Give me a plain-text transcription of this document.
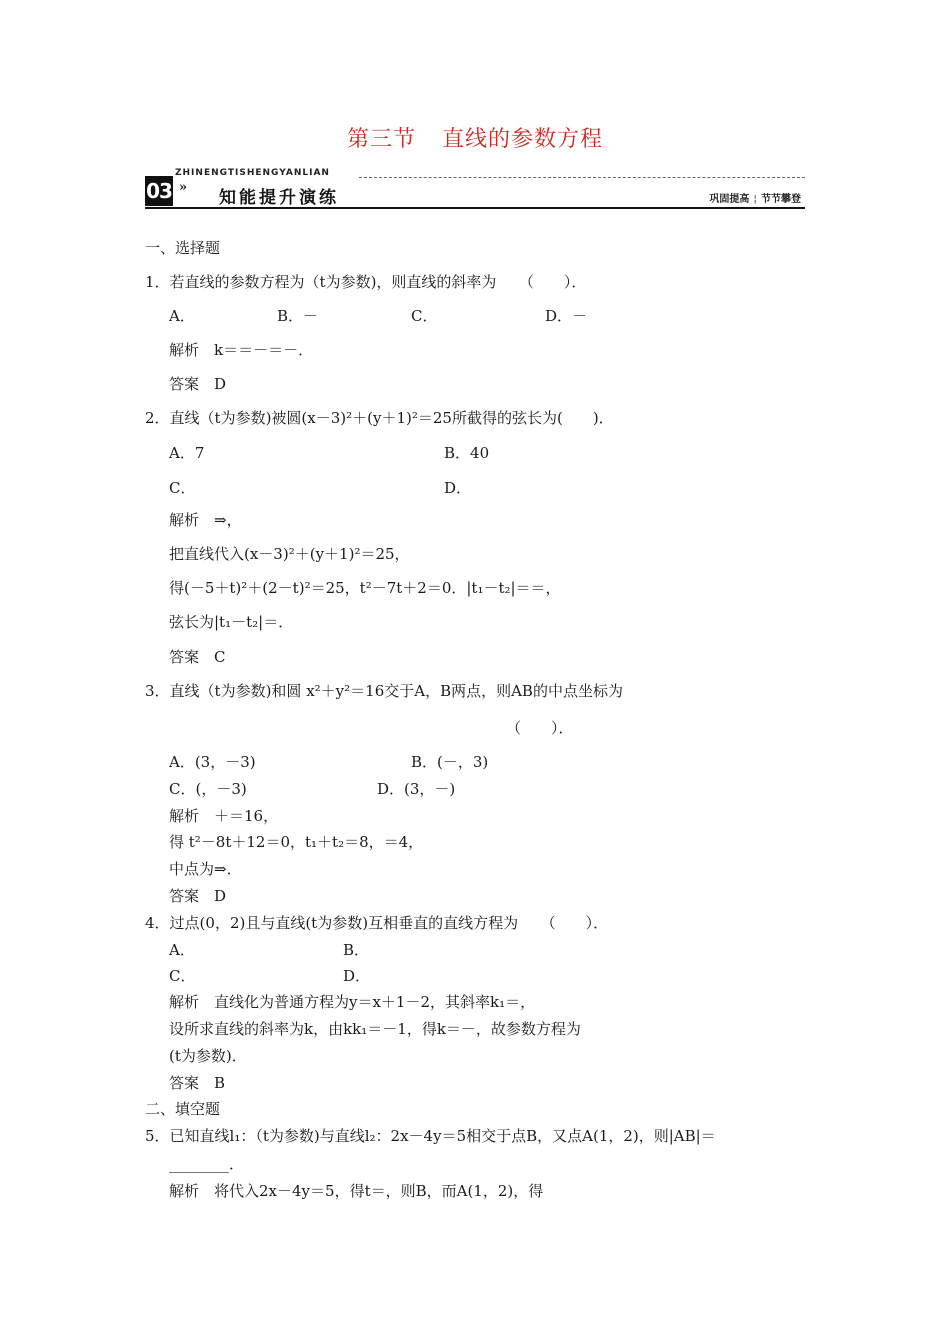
第三节 直线的参数方程
ZHINENGTISHENGYANLIAN
03 »
知能提升演练	巩固提高 ¦ 节节攀登
一、选择题
1．若直线的参数方程为（t为参数)，则直线的斜率为　　（　　）．
A．	B．－	C．	D．－
解析　k＝＝－＝－．
答案　D
2．直线（t为参数)被圆(x－3)²＋(y＋1)²＝25所截得的弦长为(　　)．
A．7	B．40
C．	D．
解析　⇒，
把直线代入(x－3)²＋(y＋1)²＝25，
得(－5＋t)²＋(2－t)²＝25，t²－7t＋2＝0．|t₁－t₂|＝＝，
弦长为|t₁－t₂|＝．
答案　C
3．直线（t为参数)和圆 x²＋y²＝16交于A，B两点，则AB的中点坐标为
（　　）．
A．(3，－3)	B．(－，3)
C．(，－3)	D．(3，－)
解析　＋＝16，
得 t²－8t＋12＝0，t₁＋t₂＝8，＝4，
中点为⇒．
答案　D
4．过点(0，2)且与直线(t为参数)互相垂直的直线方程为　　（　　）．
A．	B．
C．	D．
解析　直线化为普通方程为y＝x＋1－2，其斜率k₁＝，
设所求直线的斜率为k，由kk₁＝－1，得k＝－，故参数方程为
(t为参数)．
答案　B
二、填空题
5．已知直线l₁：（t为参数)与直线l₂：2x－4y＝5相交于点B，又点A(1，2)，则|AB|＝
________．
解析　将代入2x－4y＝5，得t＝，则B，而A(1，2)，得
